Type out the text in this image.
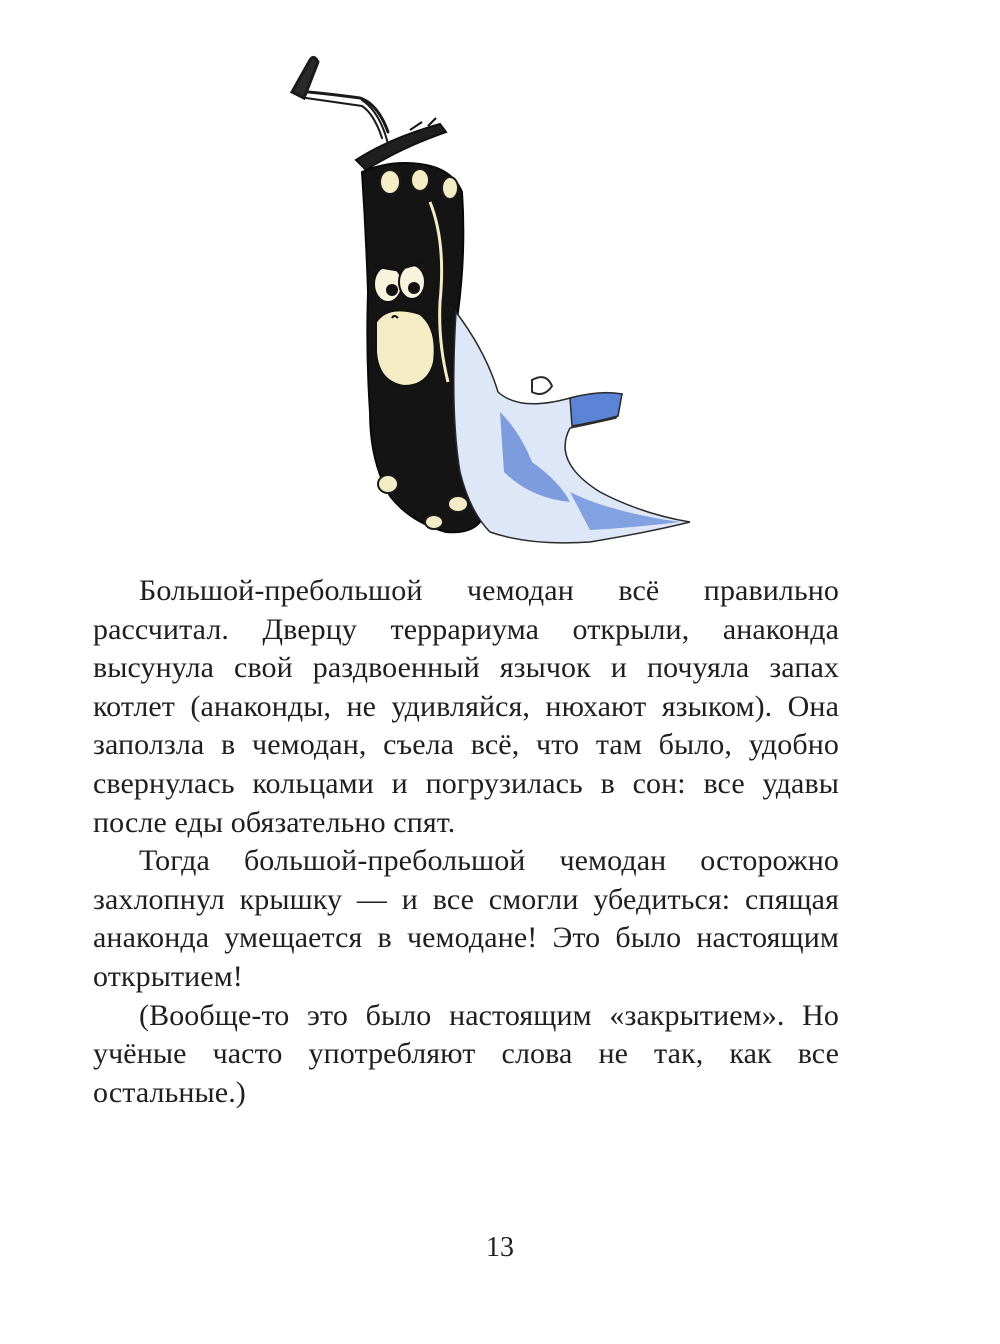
Большой-пребольшой чемодан всё правильно рассчитал. Дверцу террариума открыли, анаконда высунула свой раздвоенный язычок и почуяла запах котлет (анаконды, не удивляйся, нюхают языком). Она заползла в чемодан, съела всё, что там было, удобно свернулась кольцами и погрузилась в сон: все удавы после еды обязательно спят.

Тогда большой-пребольшой чемодан осторожно захлопнул крышку — и все смогли убедиться: спящая анаконда умещается в чемодане! Это было настоящим открытием!

(Вообще-то это было настоящим «закрытием». Но учёные часто употребляют слова не так, как все остальные.)

13
